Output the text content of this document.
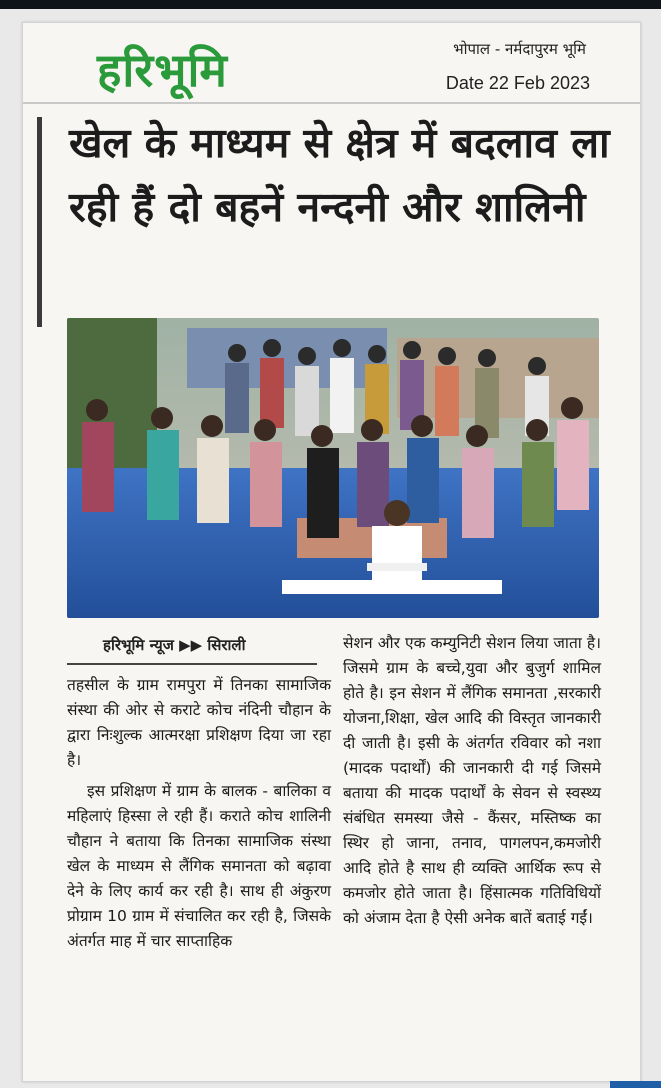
हरिभूमि	भोपाल - नर्मदापुरम भूमि
Date 22 Feb 2023
खेल के माध्यम से क्षेत्र में बदलाव ला रही हैं दो बहनें नन्दनी और शालिनी
हरिभूमि न्यूज ▶▶ सिराली

तहसील के ग्राम रामपुरा में तिनका सामाजिक संस्था की ओर से कराटे कोच नंदिनी चौहान के द्वारा निःशुल्क आत्मरक्षा प्रशिक्षण दिया जा रहा है।

इस प्रशिक्षण में ग्राम के बालक - बालिका व महिलाएं हिस्सा ले रही हैं। कराते कोच शालिनी चौहान ने बताया कि तिनका सामाजिक संस्था खेल के माध्यम से लैंगिक समानता को बढ़ावा देने के लिए कार्य कर रही है। साथ ही अंकुरण प्रोग्राम 10 ग्राम में संचालित कर रही है, जिसके अंतर्गत माह में चार साप्ताहिक

सेशन और एक कम्युनिटी सेशन लिया जाता है। जिसमे ग्राम के बच्चे,युवा और बुजुर्ग शामिल होते है। इन सेशन में लैंगिक समानता ,सरकारी योजना,शिक्षा, खेल आदि की विस्तृत जानकारी दी जाती है। इसी के अंतर्गत रविवार को नशा (मादक पदार्थों) की जानकारी दी गई जिसमे बताया की मादक पदार्थों के सेवन से स्वस्थ्य संबंधित समस्या जैसे - कैंसर, मस्तिष्क का स्थिर हो जाना, तनाव, पागलपन,कमजोरी आदि होते है साथ ही व्यक्ति आर्थिक रूप से कमजोर होते जाता है। हिंसात्मक गतिविधियों को अंजाम देता है ऐसी अनेक बातें बताई गईं।
